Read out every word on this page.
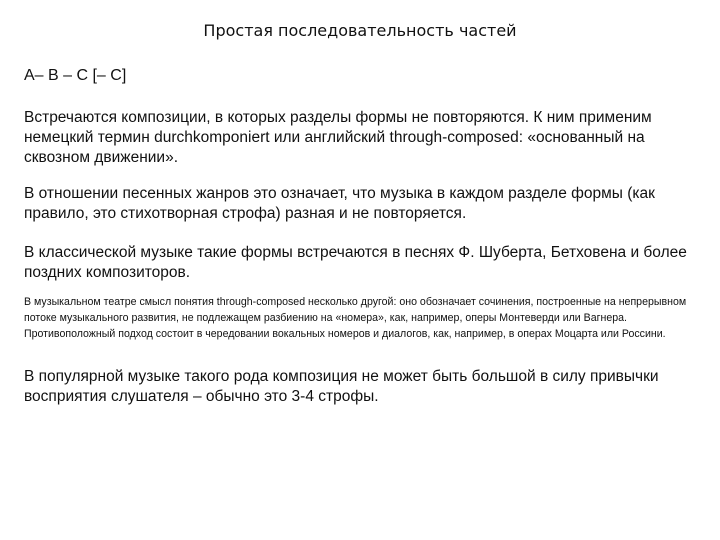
Простая последовательность частей
A– B – C [– C]

Встречаются композиции, в которых разделы формы не повторяются. К ним применим немецкий термин durchkomponiert или английский through-composed: «основанный на сквозном движении».

В отношении песенных жанров это означает, что музыка в каждом разделе формы (как правило, это стихотворная строфа) разная и не повторяется.

В классической музыке такие формы встречаются в песнях Ф. Шуберта, Бетховена и более поздних композиторов.

В музыкальном театре смысл понятия through-composed несколько другой: оно обозначает сочинения, построенные на непрерывном потоке музыкального развития, не подлежащем разбиению на «номера», как, например, оперы Монтеверди или Вагнера. Противоположный подход состоит в чередовании вокальных номеров и диалогов, как, например, в операх Моцарта или Россини.

В популярной музыке такого рода композиция не может быть большой в силу привычки восприятия слушателя – обычно это 3-4 строфы.
